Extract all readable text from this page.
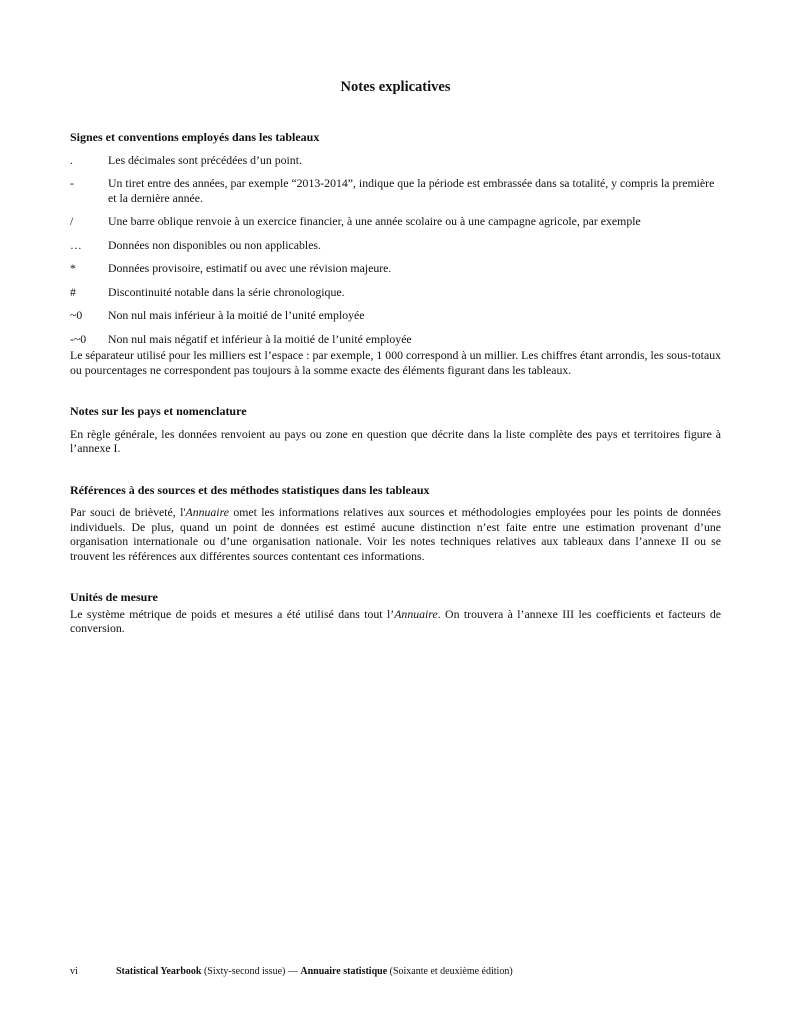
Notes explicatives
Signes et conventions employés dans les tableaux
.	Les décimales sont précédées d’un point.
-	Un tiret entre des années, par exemple “2013-2014”, indique que la période est embrassée dans sa totalité, y compris la première et la dernière année.
/	Une barre oblique renvoie à un exercice financier, à une année scolaire ou à une campagne agricole, par exemple
…	Données non disponibles ou non applicables.
*	Données provisoire, estimatif ou avec une révision majeure.
#	Discontinuité notable dans la série chronologique.
~0	Non nul mais inférieur à la moitié de l’unité employée
-~0	Non nul mais négatif et inférieur à la moitié de l’unité employée

Le séparateur utilisé pour les milliers est l’espace : par exemple, 1 000 correspond à un millier. Les chiffres étant arrondis, les sous-totaux ou pourcentages ne correspondent pas toujours à la somme exacte des éléments figurant dans les tableaux.

Notes sur les pays et nomenclature

En règle générale, les données renvoient au pays ou zone en question que décrite dans la liste complète des pays et territoires figure à l’annexe I.

Références à des sources et des méthodes statistiques dans les tableaux

Par souci de brièveté, l'Annuaire omet les informations relatives aux sources et méthodologies employées pour les points de données individuels. De plus, quand un point de données est estimé aucune distinction n’est faite entre une estimation provenant d’une organisation internationale ou d’une organisation nationale. Voir les notes techniques relatives aux tableaux dans l’annexe II ou se trouvent les références aux différentes sources contentant ces informations.

Unités de mesure

Le système métrique de poids et mesures a été utilisé dans tout l’Annuaire. On trouvera à l’annexe III les coefficients et facteurs de conversion.

vi	Statistical Yearbook (Sixty-second issue) — Annuaire statistique (Soixante et deuxième édition)
